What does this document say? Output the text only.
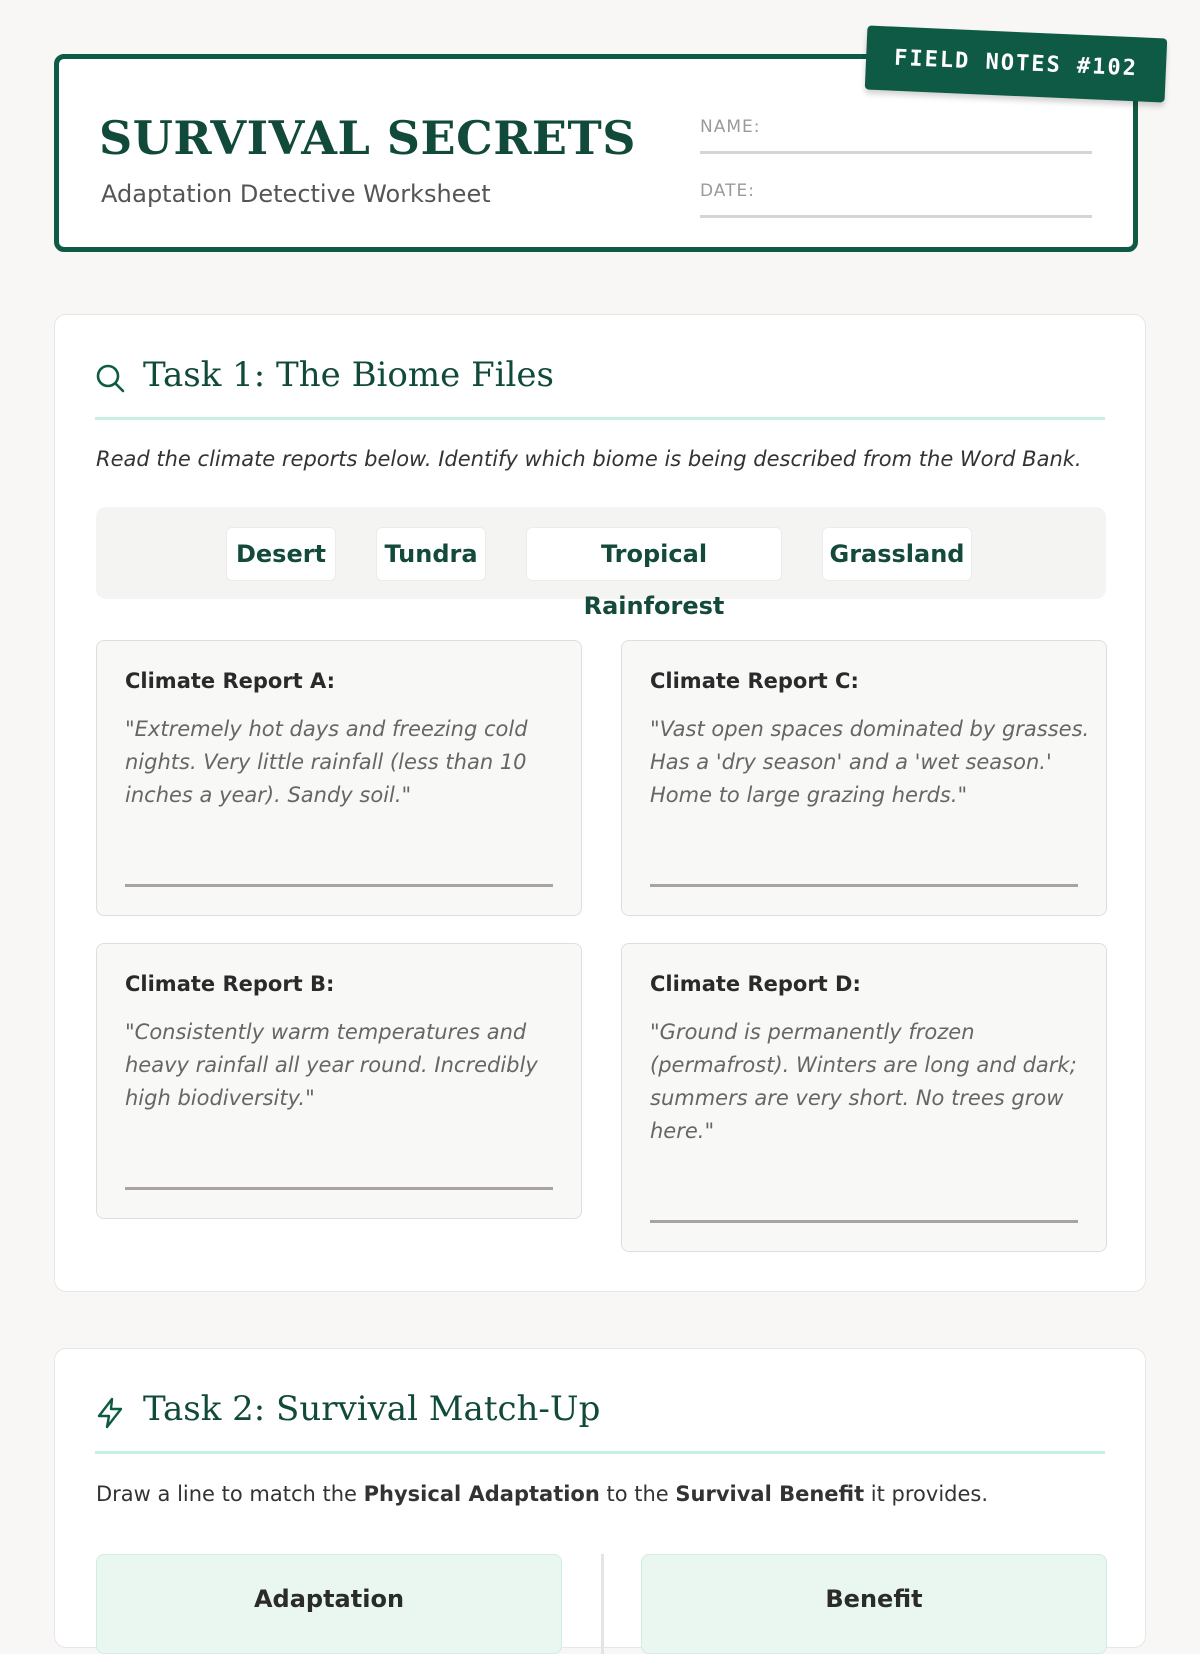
SURVIVAL SECRETS
Adaptation Detective Worksheet
NAME:
DATE:
FIELD NOTES #102
Task 1: The Biome Files
Read the climate reports below. Identify which biome is being described from the Word Bank.
Desert	Tundra	Tropical Rainforest
Grassland
Climate Report A:

"Extremely hot days and freezing cold nights. Very little rainfall (less than 10 inches a year). Sandy soil."

Climate Report C:

"Vast open spaces dominated by grasses. Has a 'dry season' and a 'wet season.' Home to large grazing herds."

Climate Report B:

"Consistently warm temperatures and heavy rainfall all year round. Incredibly high biodiversity."

Climate Report D:

"Ground is permanently frozen (permafrost). Winters are long and dark; summers are very short. No trees grow here."

Task 2: Survival Match-Up
Draw a line to match the Physical Adaptation to the Survival Benefit it provides.
Adaptation	Benefit
